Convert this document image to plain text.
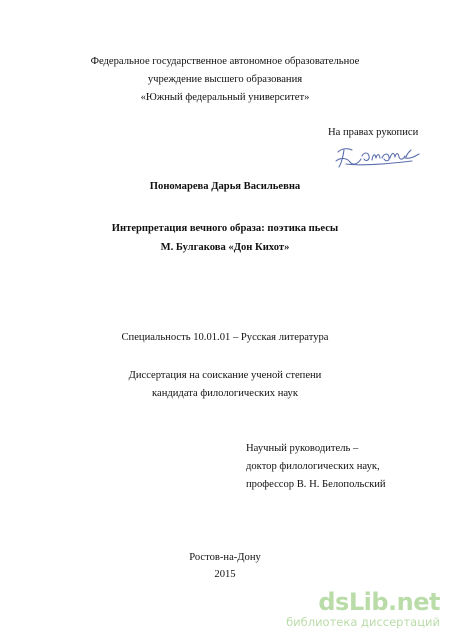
Федеральное государственное автономное образовательное
учреждение высшего образования
«Южный федеральный университет»
На правах рукописи
Пономарева Дарья Васильевна
Интерпретация вечного образа: поэтика пьесы
М. Булгакова «Дон Кихот»
Специальность 10.01.01 – Русская литература
Диссертация на соискание ученой степени
кандидата филологических наук
Научный руководитель –
доктор филологических наук,
профессор В. Н. Белопольский
Ростов-на-Дону
2015
dsLib.net
библиотека диссертаций
